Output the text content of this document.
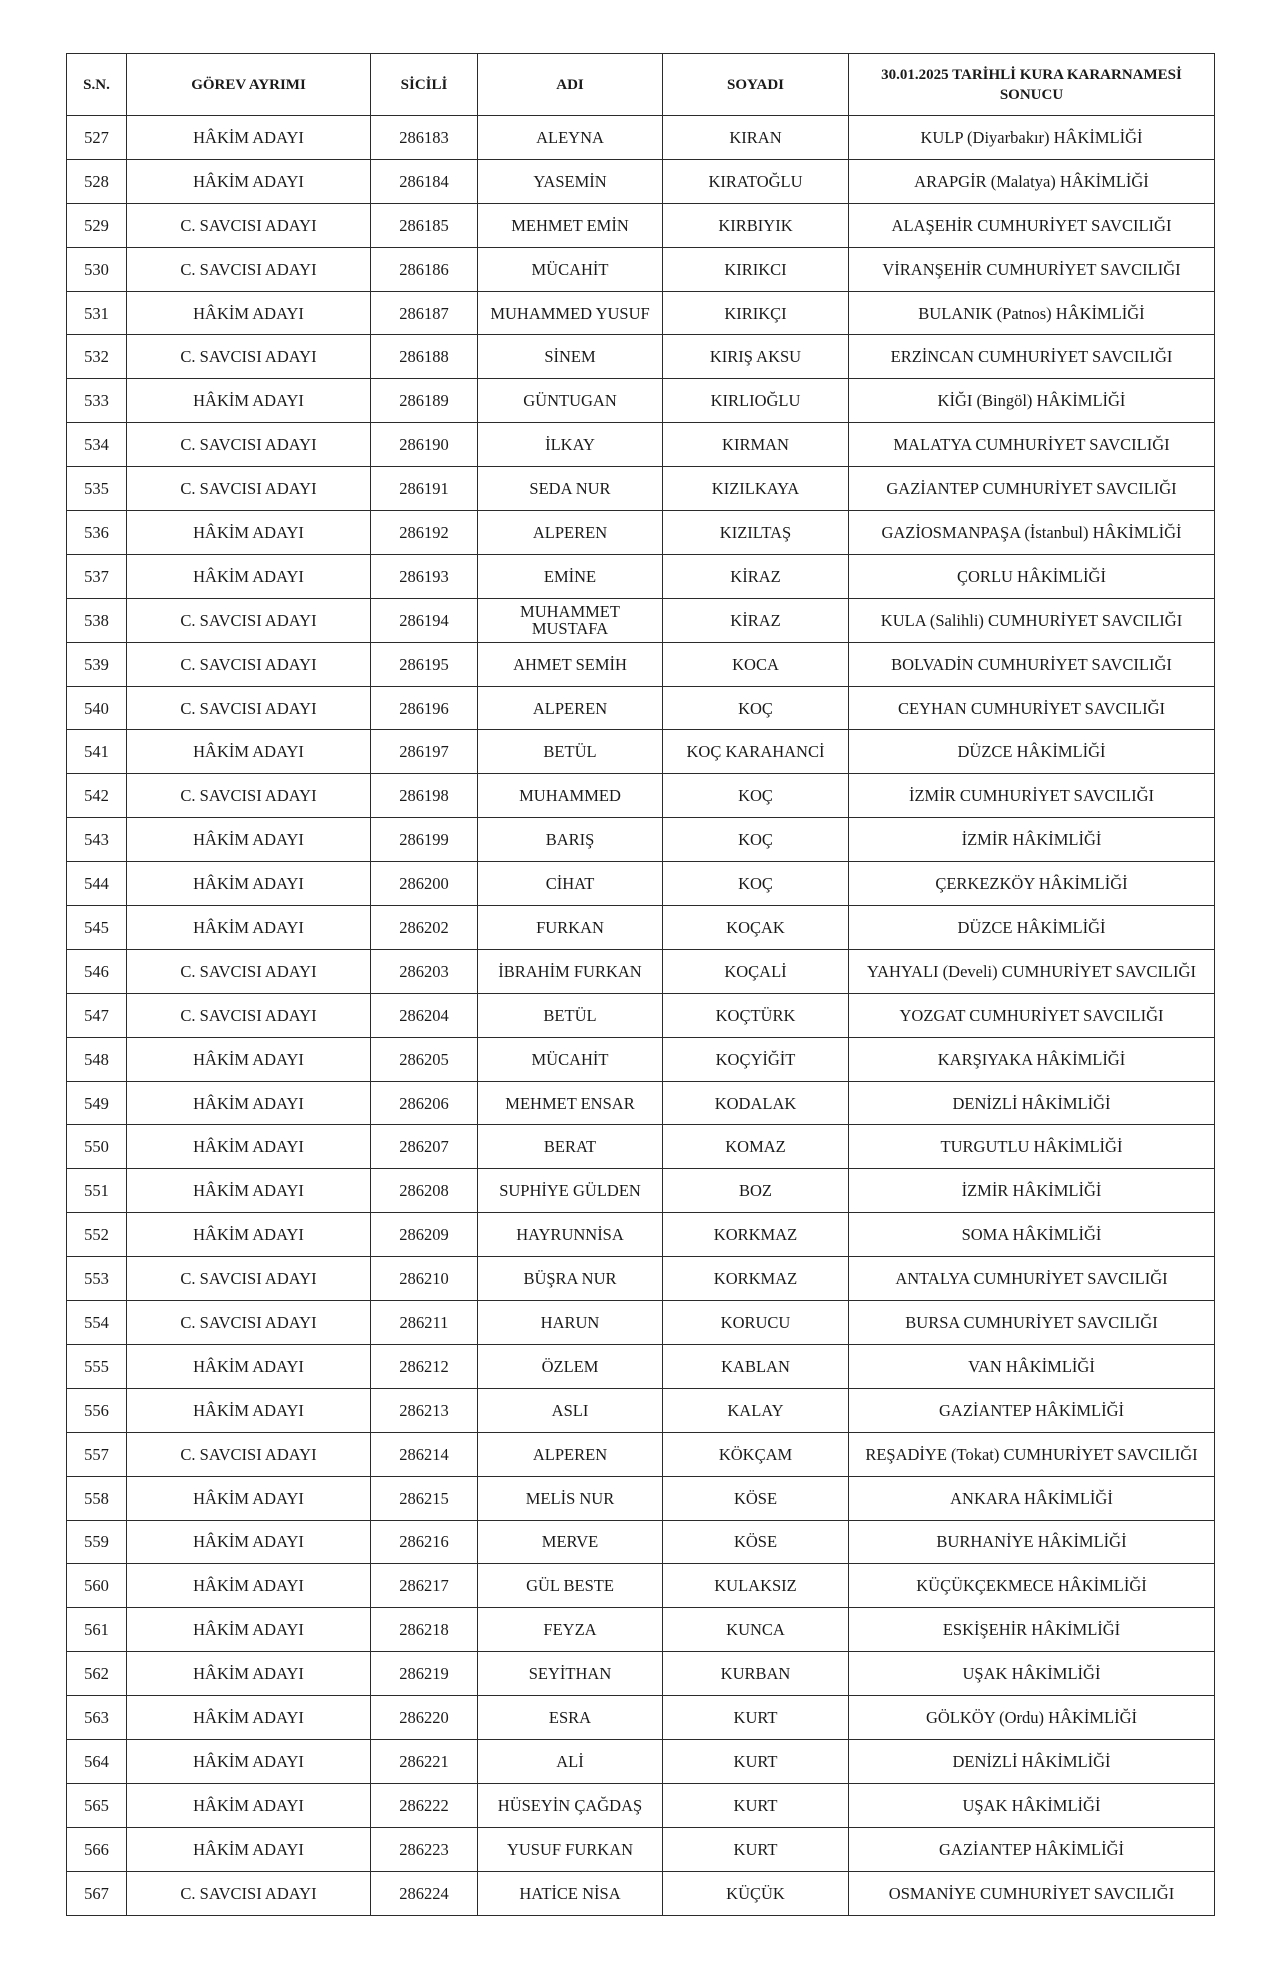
S.N.	GÖREV AYRIMI	SİCİLİ	ADI	SOYADI	30.01.2025 TARİHLİ KURA KARARNAMESİ SONUCU
527	HÂKİM ADAYI	286183	ALEYNA	KIRAN	KULP (Diyarbakır) HÂKİMLİĞİ
528	HÂKİM ADAYI	286184	YASEMİN	KIRATOĞLU	ARAPGİR (Malatya) HÂKİMLİĞİ
529	C. SAVCISI ADAYI	286185	MEHMET EMİN	KIRBIYIK	ALAŞEHİR CUMHURİYET SAVCILIĞI
530	C. SAVCISI ADAYI	286186	MÜCAHİT	KIRIKCI	VİRANŞEHİR CUMHURİYET SAVCILIĞI
531	HÂKİM ADAYI	286187	MUHAMMED YUSUF	KIRIKÇI	BULANIK (Patnos) HÂKİMLİĞİ
532	C. SAVCISI ADAYI	286188	SİNEM	KIRIŞ AKSU	ERZİNCAN CUMHURİYET SAVCILIĞI
533	HÂKİM ADAYI	286189	GÜNTUGAN	KIRLIOĞLU	KİĞI (Bingöl) HÂKİMLİĞİ
534	C. SAVCISI ADAYI	286190	İLKAY	KIRMAN	MALATYA CUMHURİYET SAVCILIĞI
535	C. SAVCISI ADAYI	286191	SEDA NUR	KIZILKAYA	GAZİANTEP CUMHURİYET SAVCILIĞI
536	HÂKİM ADAYI	286192	ALPEREN	KIZILTAŞ	GAZİOSMANPAŞA (İstanbul) HÂKİMLİĞİ
537	HÂKİM ADAYI	286193	EMİNE	KİRAZ	ÇORLU HÂKİMLİĞİ
538	C. SAVCISI ADAYI	286194	MUHAMMET MUSTAFA	KİRAZ	KULA (Salihli) CUMHURİYET SAVCILIĞI
539	C. SAVCISI ADAYI	286195	AHMET SEMİH	KOCA	BOLVADİN CUMHURİYET SAVCILIĞI
540	C. SAVCISI ADAYI	286196	ALPEREN	KOÇ	CEYHAN CUMHURİYET SAVCILIĞI
541	HÂKİM ADAYI	286197	BETÜL	KOÇ KARAHANCİ	DÜZCE HÂKİMLİĞİ
542	C. SAVCISI ADAYI	286198	MUHAMMED	KOÇ	İZMİR CUMHURİYET SAVCILIĞI
543	HÂKİM ADAYI	286199	BARIŞ	KOÇ	İZMİR HÂKİMLİĞİ
544	HÂKİM ADAYI	286200	CİHAT	KOÇ	ÇERKEZKÖY HÂKİMLİĞİ
545	HÂKİM ADAYI	286202	FURKAN	KOÇAK	DÜZCE HÂKİMLİĞİ
546	C. SAVCISI ADAYI	286203	İBRAHİM FURKAN	KOÇALİ	YAHYALI (Develi) CUMHURİYET SAVCILIĞI
547	C. SAVCISI ADAYI	286204	BETÜL	KOÇTÜRK	YOZGAT CUMHURİYET SAVCILIĞI
548	HÂKİM ADAYI	286205	MÜCAHİT	KOÇYİĞİT	KARŞIYAKA HÂKİMLİĞİ
549	HÂKİM ADAYI	286206	MEHMET ENSAR	KODALAK	DENİZLİ HÂKİMLİĞİ
550	HÂKİM ADAYI	286207	BERAT	KOMAZ	TURGUTLU HÂKİMLİĞİ
551	HÂKİM ADAYI	286208	SUPHİYE GÜLDEN	BOZ	İZMİR HÂKİMLİĞİ
552	HÂKİM ADAYI	286209	HAYRUNNİSA	KORKMAZ	SOMA HÂKİMLİĞİ
553	C. SAVCISI ADAYI	286210	BÜŞRA NUR	KORKMAZ	ANTALYA CUMHURİYET SAVCILIĞI
554	C. SAVCISI ADAYI	286211	HARUN	KORUCU	BURSA CUMHURİYET SAVCILIĞI
555	HÂKİM ADAYI	286212	ÖZLEM	KABLAN	VAN HÂKİMLİĞİ
556	HÂKİM ADAYI	286213	ASLI	KALAY	GAZİANTEP HÂKİMLİĞİ
557	C. SAVCISI ADAYI	286214	ALPEREN	KÖKÇAM	REŞADİYE (Tokat) CUMHURİYET SAVCILIĞI
558	HÂKİM ADAYI	286215	MELİS NUR	KÖSE	ANKARA HÂKİMLİĞİ
559	HÂKİM ADAYI	286216	MERVE	KÖSE	BURHANİYE HÂKİMLİĞİ
560	HÂKİM ADAYI	286217	GÜL BESTE	KULAKSIZ	KÜÇÜKÇEKMECE HÂKİMLİĞİ
561	HÂKİM ADAYI	286218	FEYZA	KUNCA	ESKİŞEHİR HÂKİMLİĞİ
562	HÂKİM ADAYI	286219	SEYİTHAN	KURBAN	UŞAK HÂKİMLİĞİ
563	HÂKİM ADAYI	286220	ESRA	KURT	GÖLKÖY (Ordu) HÂKİMLİĞİ
564	HÂKİM ADAYI	286221	ALİ	KURT	DENİZLİ HÂKİMLİĞİ
565	HÂKİM ADAYI	286222	HÜSEYİN ÇAĞDAŞ	KURT	UŞAK HÂKİMLİĞİ
566	HÂKİM ADAYI	286223	YUSUF FURKAN	KURT	GAZİANTEP HÂKİMLİĞİ
567	C. SAVCISI ADAYI	286224	HATİCE NİSA	KÜÇÜK	OSMANİYE CUMHURİYET SAVCILIĞI
